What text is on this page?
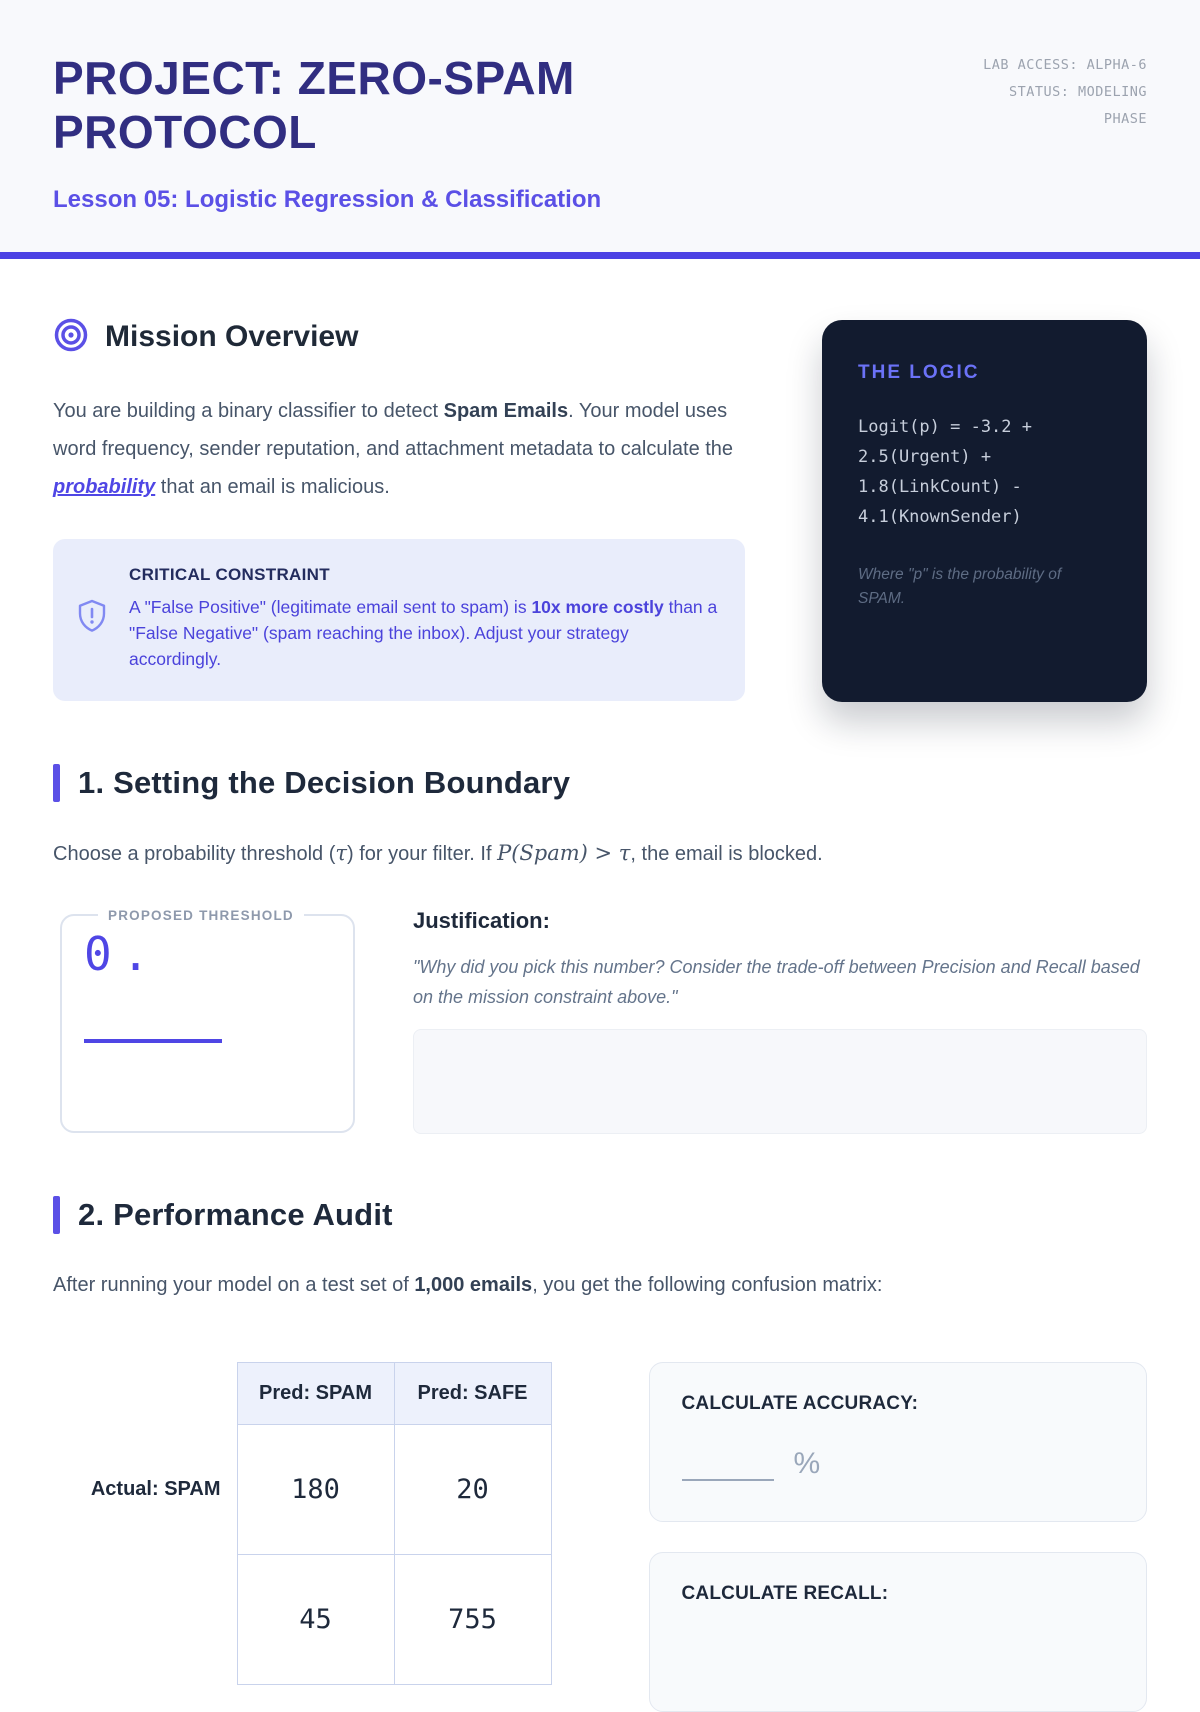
PROJECT: ZERO-SPAM PROTOCOL
LAB ACCESS: ALPHA-6 STATUS: MODELING PHASE
Lesson 05: Logistic Regression & Classification
Mission Overview

You are building a binary classifier to detect Spam Emails. Your model uses word frequency, sender reputation, and attachment metadata to calculate the probability that an email is malicious.

CRITICAL CONSTRAINT
A "False Positive" (legitimate email sent to spam) is 10x more costly than a "False Negative" (spam reaching the inbox). Adjust your strategy accordingly.
THE LOGIC
Logit(p) = -3.2 +
2.5(Urgent) +
1.8(LinkCount) -
4.1(KnownSender)
Where "p" is the probability of SPAM.
1. Setting the Decision Boundary

Choose a probability threshold (τ) for your filter. If P(Spam) > τ, the email is blocked.

PROPOSED THRESHOLD
0.
Justification:

"Why did you pick this number? Consider the trade-off between Precision and Recall based on the mission constraint above."

2. Performance Audit

After running your model on a test set of 1,000 emails, you get the following confusion matrix:

	Pred: SPAM	Pred: SAFE
Actual: SPAM	180	20
	45	755
CALCULATE ACCURACY:
%
CALCULATE RECALL:
